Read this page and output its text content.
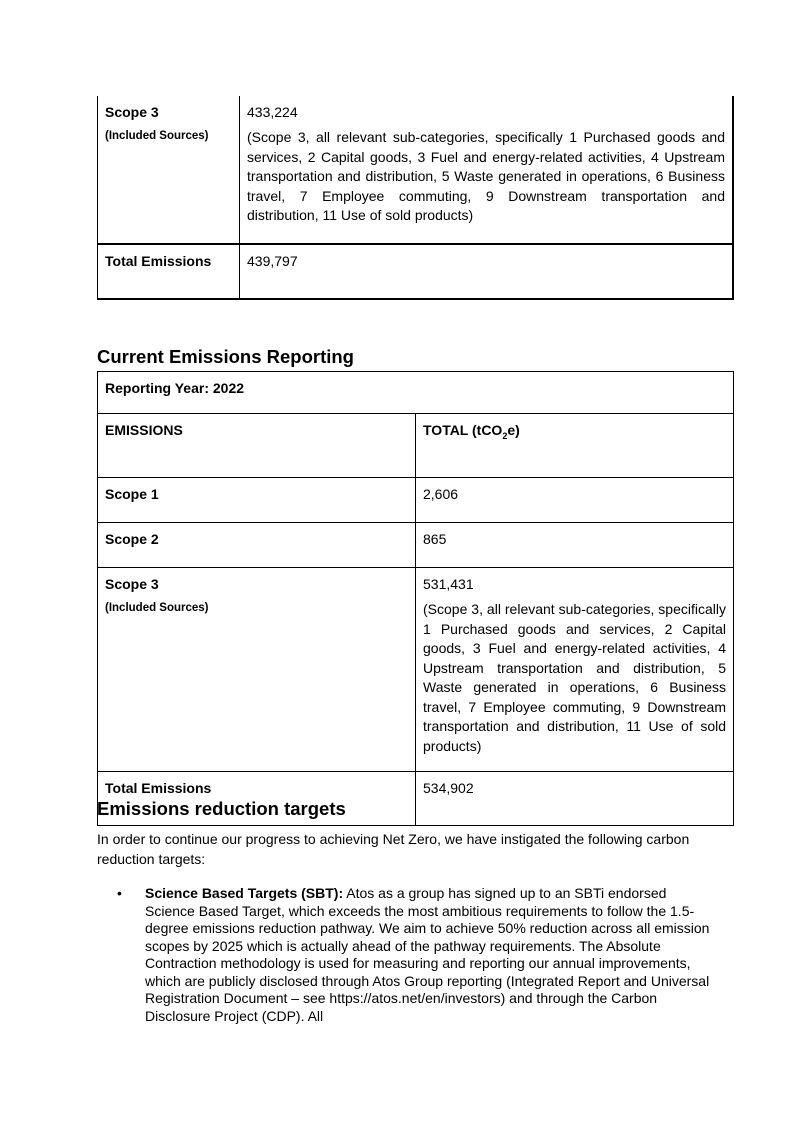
Scope 3
(Included Sources)	433,224
(Scope 3, all relevant sub-categories, specifically 1 Purchased goods and services, 2 Capital goods, 3 Fuel and energy-related activities, 4 Upstream transportation and distribution, 5 Waste generated in operations, 6 Business travel, 7 Employee commuting, 9 Downstream transportation and distribution, 11 Use of sold products)

Total Emissions	439,797
Current Emissions Reporting
Reporting Year: 2022	

EMISSIONS	TOTAL (tCO$_2$e)

Scope 1	2,606

Scope 2	865

Scope 3
(Included Sources)	531,431
(Scope 3, all relevant sub-categories, specifically 1 Purchased goods and services, 2 Capital goods, 3 Fuel and energy-related activities, 4 Upstream transportation and distribution, 5 Waste generated in operations, 6 Business travel, 7 Employee commuting, 9 Downstream transportation and distribution, 11 Use of sold products)

Total Emissions	534,902
Emissions reduction targets

In order to continue our progress to achieving Net Zero, we have instigated the following carbon reduction targets:

• Science Based Targets (SBT): Atos as a group has signed up to an SBTi endorsed Science Based Target, which exceeds the most ambitious requirements to follow the 1.5- degree emissions reduction pathway. We aim to achieve 50% reduction across all emission scopes by 2025 which is actually ahead of the pathway requirements. The Absolute Contraction methodology is used for measuring and reporting our annual improvements, which are publicly disclosed through Atos Group reporting (Integrated Report and Universal Registration Document – see https://atos.net/en/investors) and through the Carbon Disclosure Project (CDP). All
